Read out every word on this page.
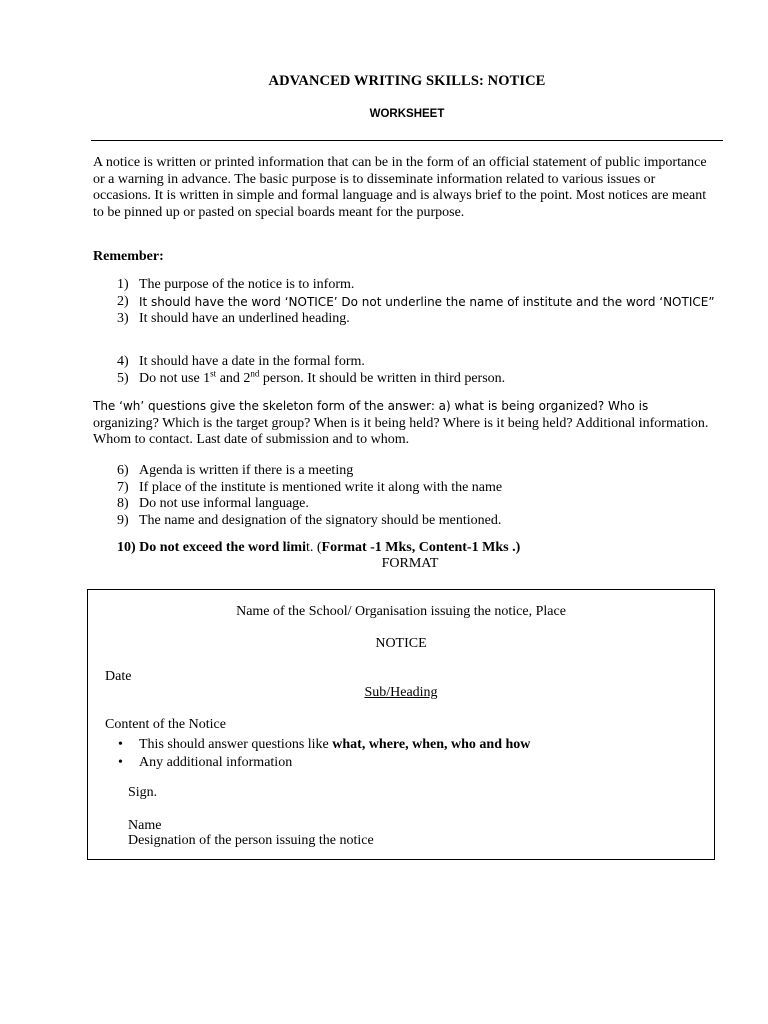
ADVANCED WRITING SKILLS: NOTICE
WORKSHEET
A notice is written or printed information that can be in the form of an official statement of public importance or a warning in advance. The basic purpose is to disseminate information related to various issues or occasions. It is written in simple and formal language and is always brief to the point. Most notices are meant to be pinned up or pasted on special boards meant for the purpose.
Remember:
1) The purpose of the notice is to inform.
2) It should have the word ‘NOTICE’ Do not underline the name of institute and the word ‘NOTICE”
3) It should have an underlined heading.
4) It should have a date in the formal form.
5) Do not use 1st and 2nd person. It should be written in third person.
The ‘wh’ questions give the skeleton form of the answer: a) what is being organized? Who is organizing? Which is the target group? When is it being held? Where is it being held? Additional information. Whom to contact. Last date of submission and to whom.
6) Agenda is written if there is a meeting
7) If place of the institute is mentioned write it along with the name
8) Do not use informal language.
9) The name and designation of the signatory should be mentioned.
10) Do not exceed the word limit. (Format -1 Mks, Content-1 Mks .)
FORMAT
Name of the School/ Organisation issuing the notice, Place
NOTICE
Date
Sub/Heading
Content of the Notice
• This should answer questions like what, where, when, who and how
• Any additional information
Sign.
Name
Designation of the person issuing the notice
